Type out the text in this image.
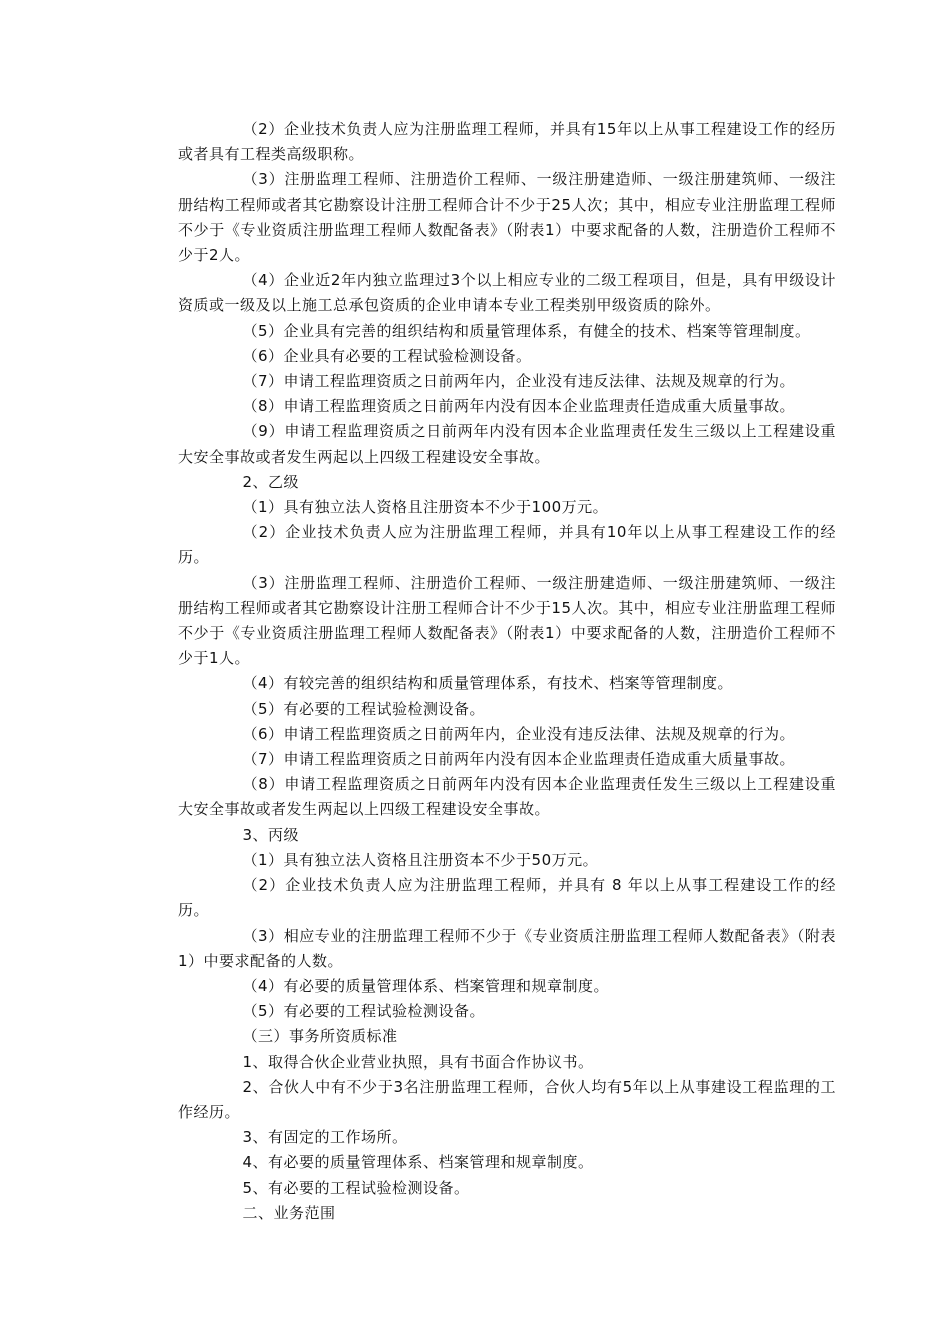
（2）企业技术负责人应为注册监理工程师，并具有15年以上从事工程建设工作的经历或者具有工程类高级职称。

（3）注册监理工程师、注册造价工程师、一级注册建造师、一级注册建筑师、一级注册结构工程师或者其它勘察设计注册工程师合计不少于25人次；其中，相应专业注册监理工程师不少于《专业资质注册监理工程师人数配备表》（附表1）中要求配备的人数，注册造价工程师不少于2人。

（4）企业近2年内独立监理过3个以上相应专业的二级工程项目，但是，具有甲级设计资质或一级及以上施工总承包资质的企业申请本专业工程类别甲级资质的除外。

（5）企业具有完善的组织结构和质量管理体系，有健全的技术、档案等管理制度。

（6）企业具有必要的工程试验检测设备。

（7）申请工程监理资质之日前两年内，企业没有违反法律、法规及规章的行为。

（8）申请工程监理资质之日前两年内没有因本企业监理责任造成重大质量事故。

（9）申请工程监理资质之日前两年内没有因本企业监理责任发生三级以上工程建设重大安全事故或者发生两起以上四级工程建设安全事故。

2、乙级

（1）具有独立法人资格且注册资本不少于100万元。

（2）企业技术负责人应为注册监理工程师，并具有10年以上从事工程建设工作的经历。

（3）注册监理工程师、注册造价工程师、一级注册建造师、一级注册建筑师、一级注册结构工程师或者其它勘察设计注册工程师合计不少于15人次。其中，相应专业注册监理工程师不少于《专业资质注册监理工程师人数配备表》（附表1）中要求配备的人数，注册造价工程师不少于1人。

（4）有较完善的组织结构和质量管理体系，有技术、档案等管理制度。

（5）有必要的工程试验检测设备。

（6）申请工程监理资质之日前两年内，企业没有违反法律、法规及规章的行为。

（7）申请工程监理资质之日前两年内没有因本企业监理责任造成重大质量事故。

（8）申请工程监理资质之日前两年内没有因本企业监理责任发生三级以上工程建设重大安全事故或者发生两起以上四级工程建设安全事故。

3、丙级

（1）具有独立法人资格且注册资本不少于50万元。

（2）企业技术负责人应为注册监理工程师，并具有 8 年以上从事工程建设工作的经历。

（3）相应专业的注册监理工程师不少于《专业资质注册监理工程师人数配备表》（附表1）中要求配备的人数。

（4）有必要的质量管理体系、档案管理和规章制度。

（5）有必要的工程试验检测设备。

（三）事务所资质标准

1、取得合伙企业营业执照，具有书面合作协议书。

2、合伙人中有不少于3名注册监理工程师，合伙人均有5年以上从事建设工程监理的工作经历。

3、有固定的工作场所。

4、有必要的质量管理体系、档案管理和规章制度。

5、有必要的工程试验检测设备。

二、业务范围
